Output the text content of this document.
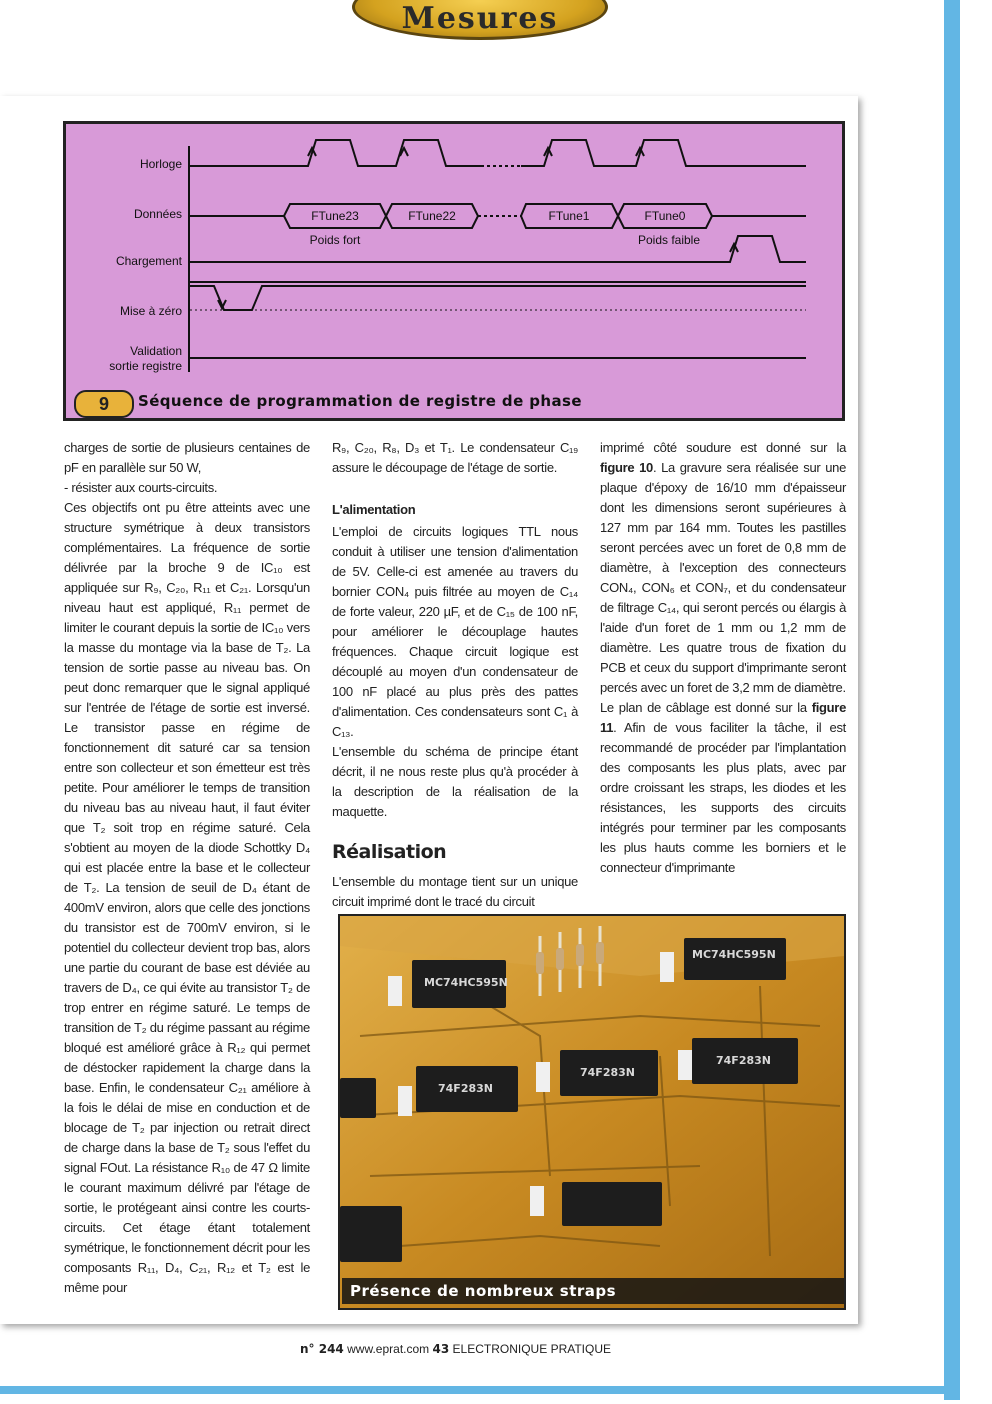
Mesures
Horloge
Données
Chargement
Mise à zéro
Validation
sortie registre
FTune23	FTune22	FTune1	FTune0
Poids fort	Poids faible
9	Séquence de programmation de registre de phase

charges de sortie de plusieurs centaines de pF en parallèle sur 50 W,

- résister aux courts-circuits.

Ces objectifs ont pu être atteints avec une structure symétrique à deux transistors complémentaires. La fréquence de sortie délivrée par la broche 9 de IC₁₀ est appliquée sur R₉, C₂₀, R₁₁ et C₂₁. Lorsqu'un niveau haut est appliqué, R₁₁ permet de limiter le courant depuis la sortie de IC₁₀ vers la masse du montage via la base de T₂. La tension de sortie passe au niveau bas. On peut donc remarquer que le signal appliqué sur l'entrée de l'étage de sortie est inversé. Le transistor passe en régime de fonctionnement dit saturé car sa tension entre son collecteur et son émetteur est très petite. Pour améliorer le temps de transition du niveau bas au niveau haut, il faut éviter que T₂ soit trop en régime saturé. Cela s'obtient au moyen de la diode Schottky D₄ qui est placée entre la base et le collecteur de T₂. La tension de seuil de D₄ étant de 400mV environ, alors que celle des jonctions du transistor est de 700mV environ, si le potentiel du collecteur devient trop bas, alors une partie du courant de base est déviée au travers de D₄, ce qui évite au transistor T₂ de trop entrer en régime saturé. Le temps de transition de T₂ du régime passant au régime bloqué est amélioré grâce à R₁₂ qui permet de déstocker rapidement la charge dans la base. Enfin, le condensateur C₂₁ améliore à la fois le délai de mise en conduction et de blocage de T₂ par injection ou retrait direct de charge dans la base de T₂ sous l'effet du signal FOut. La résistance R₁₀ de 47 Ω limite le courant maximum délivré par l'étage de sortie, le protégeant ainsi contre les courts-circuits. Cet étage étant totalement symétrique, le fonctionnement décrit pour les composants R₁₁, D₄, C₂₁, R₁₂ et T₂ est le même pour

R₉, C₂₀, R₈, D₃ et T₁. Le condensateur C₁₉ assure le découpage de l'étage de sortie.

L'alimentation

L'emploi de circuits logiques TTL nous conduit à utiliser une tension d'alimentation de 5V. Celle-ci est amenée au travers du bornier CON₄ puis filtrée au moyen de C₁₄ de forte valeur, 220 µF, et de C₁₅ de 100 nF, pour améliorer le découplage hautes fréquences. Chaque circuit logique est découplé au moyen d'un condensateur de 100 nF placé au plus près des pattes d'alimentation. Ces condensateurs sont C₁ à C₁₃.

L'ensemble du schéma de principe étant décrit, il ne nous reste plus qu'à procéder à la description de la réalisation de la maquette.

Réalisation

L'ensemble du montage tient sur un unique circuit imprimé dont le tracé du circuit

imprimé côté soudure est donné sur la figure 10. La gravure sera réalisée sur une plaque d'époxy de 16/10 mm d'épaisseur dont les dimensions seront supérieures à 127 mm par 164 mm. Toutes les pastilles seront percées avec un foret de 0,8 mm de diamètre, à l'exception des connecteurs CON₄, CON₆ et CON₇, et du condensateur de filtrage C₁₄, qui seront percés ou élargis à l'aide d'un foret de 1 mm ou 1,2 mm de diamètre. Les quatre trous de fixation du PCB et ceux du support d'imprimante seront percés avec un foret de 3,2 mm de diamètre.

Le plan de câblage est donné sur la figure 11. Afin de vous faciliter la tâche, il est recommandé de procéder par l'implantation des composants les plus plats, avec par ordre croissant les straps, les diodes et les résistances, les supports des circuits intégrés pour terminer par les composants les plus hauts comme les borniers et le connecteur d'imprimante

MC74HC595N
MC74HC595N
74F283N
74F283N
74F283N
Présence de nombreux straps
n° 244 www.eprat.com 43 ELECTRONIQUE PRATIQUE
